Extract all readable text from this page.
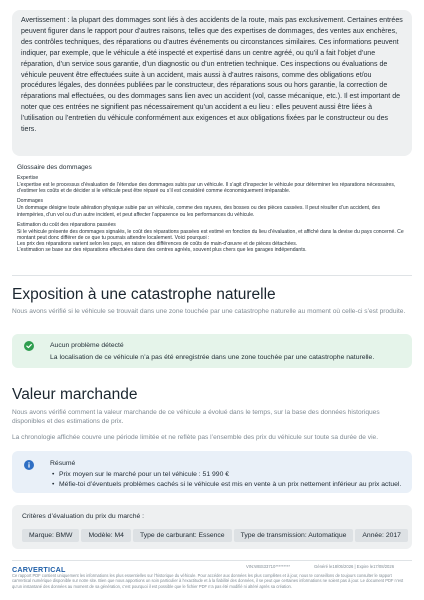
Avertissement : la plupart des dommages sont liés à des accidents de la route, mais pas exclusivement. Certaines entrées peuvent figurer dans le rapport pour d’autres raisons, telles que des expertises de dommages, des ventes aux enchères, des contrôles techniques, des réparations ou d’autres événements ou circonstances similaires. Ces informations peuvent indiquer, par exemple, que le véhicule a été inspecté et expertisé dans un centre agréé, ou qu’il a fait l’objet d’une réparation, d’un service sous garantie, d’un diagnostic ou d’un entretien technique. Ces inspections ou évaluations de véhicule peuvent être effectuées suite à un accident, mais aussi à d’autres raisons, comme des obligations et/ou procédures légales, des données publiées par le constructeur, des réparations sous ou hors garantie, la correction de réparations mal effectuées, ou des dommages sans lien avec un accident (vol, casse mécanique, etc.). Il est important de noter que ces entrées ne signifient pas nécessairement qu’un accident a eu lieu : elles peuvent aussi être liées à l’utilisation ou l’entretien du véhicule conformément aux exigences et aux obligations fixées par le constructeur ou des tiers.

Glossaire des dommages
Expertise

L’expertise est le processus d’évaluation de l’étendue des dommages subis par un véhicule. Il s’agit d’inspecter le véhicule pour déterminer les réparations nécessaires, d’estimer les coûts et de décider si le véhicule peut être réparé ou s’il est considéré comme économiquement irréparable.

Dommages

Un dommage désigne toute altération physique subie par un véhicule, comme des rayures, des bosses ou des pièces cassées. Il peut résulter d’un accident, des intempéries, d’un vol ou d’un autre incident, et peut affecter l’apparence ou les performances du véhicule.

Estimation du coût des réparations passées

Si le véhicule présente des dommages signalés, le coût des réparations passées est estimé en fonction du lieu d’évaluation, et affiché dans la devise du pays concerné. Ce montant peut donc différer de ce que tu pourrais attendre localement. Voici pourquoi :
Les prix des réparations varient selon les pays, en raison des différences de coûts de main-d’œuvre et de pièces détachées.
L’estimation se base sur des réparations effectuées dans des centres agréés, souvent plus chers que les garages indépendants.

Exposition à une catastrophe naturelle

Nous avons vérifié si le véhicule se trouvait dans une zone touchée par une catastrophe naturelle au moment où celle-ci s’est produite.

Aucun problème détecté
La localisation de ce véhicule n’a pas été enregistrée dans une zone touchée par une catastrophe naturelle.
Valeur marchande

Nous avons vérifié comment la valeur marchande de ce véhicule a évolué dans le temps, sur la base des données historiques disponibles et des estimations de prix.

La chronologie affichée couvre une période limitée et ne reflète pas l’ensemble des prix du véhicule sur toute sa durée de vie.

Résumé
• Prix moyen sur le marché pour un tel véhicule : 51 990 €
• Méfie-toi d’éventuels problèmes cachés si le véhicule est mis en vente à un prix nettement inférieur au prix actuel.
Critères d’évaluation du prix du marché :
Marque: BMW	Modèle: M4	Type de carburant: Essence	Type de transmission: Automatique	Année: 2017
CARVERTICAL	VIN:WBS33710*********	Généré le18/05/2026 | Expire le17/08/2026

Ce rapport PDF contient uniquement les informations les plus essentielles sur l’historique du véhicule. Pour accéder aux données les plus complètes et à jour, nous te conseillons de toujours consulter le rapport carVertical numérique disponible sur notre site. Bien que nous apportions un soin particulier à l’exactitude et à la fiabilité des données, il se peut que certaines informations ne soient pas à jour. Le document PDF n’est qu’un instantané des données au moment de sa génération, c’est pourquoi il est possible que le fichier PDF n’a pas été modifié ni altéré après sa création.
